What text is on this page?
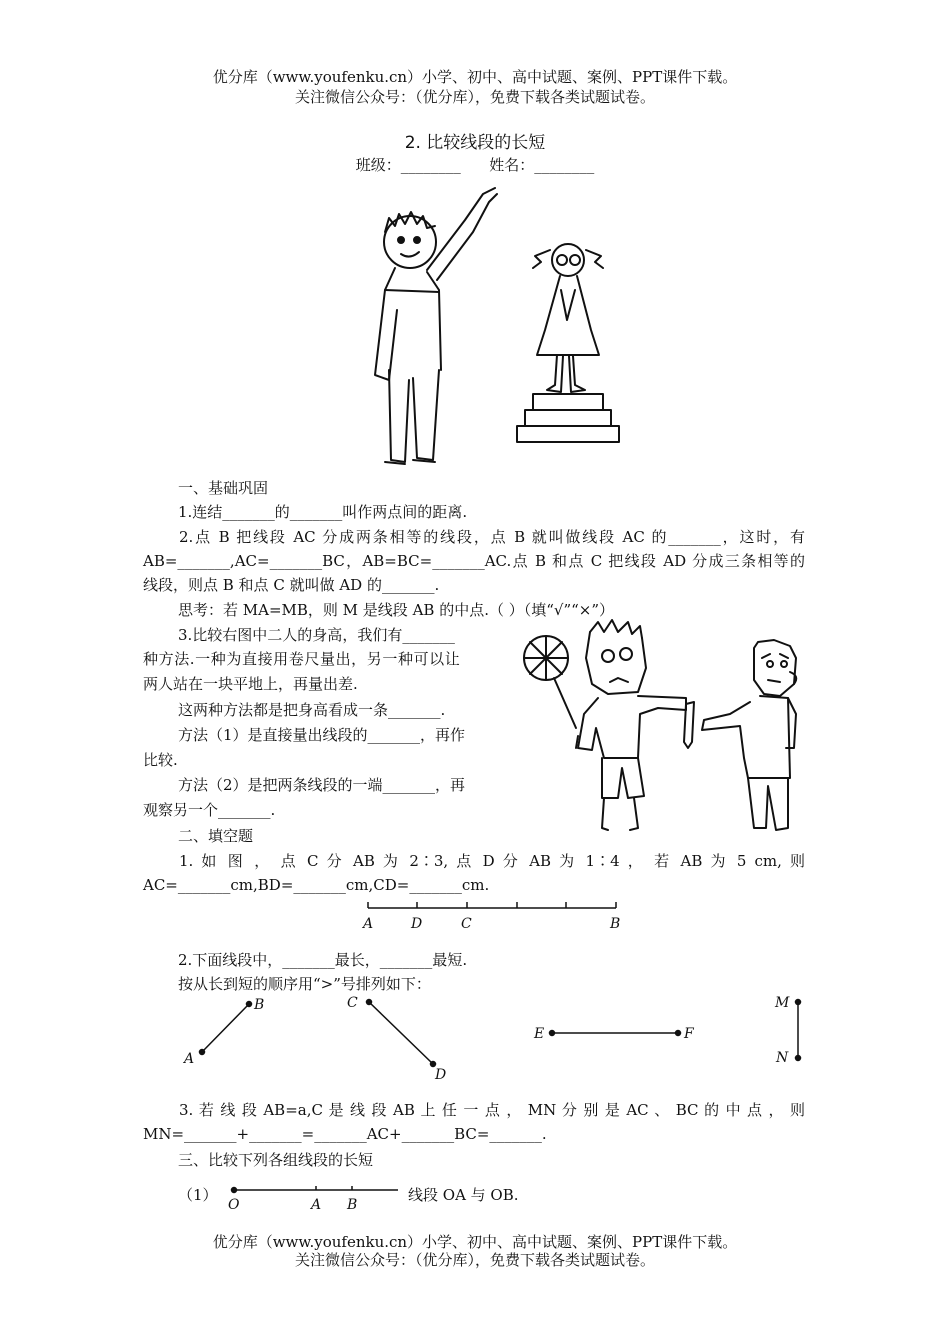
优分库（www.youfenku.cn）小学、初中、高中试题、案例、PPT课件下载。
关注微信公众号：（优分库），免费下载各类试题试卷。
2. 比较线段的长短
班级：________      姓名：________
一、基础巩固
1.连结_______的_______叫作两点间的距离.
2.点 B 把线段 AC 分成两条相等的线段，点 B 就叫做线段 AC 的_______，这时，有
AB=_______,AC=_______BC，AB=BC=_______AC.点 B 和点 C 把线段 AD 分成三条相等的
线段，则点 B 和点 C 就叫做 AD 的_______.
思考：若 MA=MB，则 M 是线段 AB 的中点.（ ）（填“√”“×”）
3.比较右图中二人的身高，我们有_______
种方法.一种为直接用卷尺量出，另一种可以让
两人站在一块平地上，再量出差.
这两种方法都是把身高看成一条_______.
方法（1）是直接量出线段的_______，再作
比较.
方法（2）是把两条线段的一端_______，再
观察另一个_______.
二、填空题
1. 如 图 ， 点 C 分 AB 为 2∶3, 点 D 分 AB 为 1∶4 ， 若 AB 为 5 cm, 则
AC=_______cm,BD=_______cm,CD=_______cm.
A	D	C	B
2.下面线段中，_______最长，_______最短.
按从长到短的顺序用“>”号排列如下：
A
B	C
D
E	F
M
N
3. 若 线 段 AB=a,C 是 线 段 AB 上 任 一 点 ， MN 分 别 是 AC 、 BC 的 中 点 ， 则
MN=_______+_______=_______AC+_______BC=_______.
三、比较下列各组线段的长短
（1）
O	A B
线段 OA 与 OB.
优分库（www.youfenku.cn）小学、初中、高中试题、案例、PPT课件下载。
关注微信公众号：（优分库），免费下载各类试题试卷。
